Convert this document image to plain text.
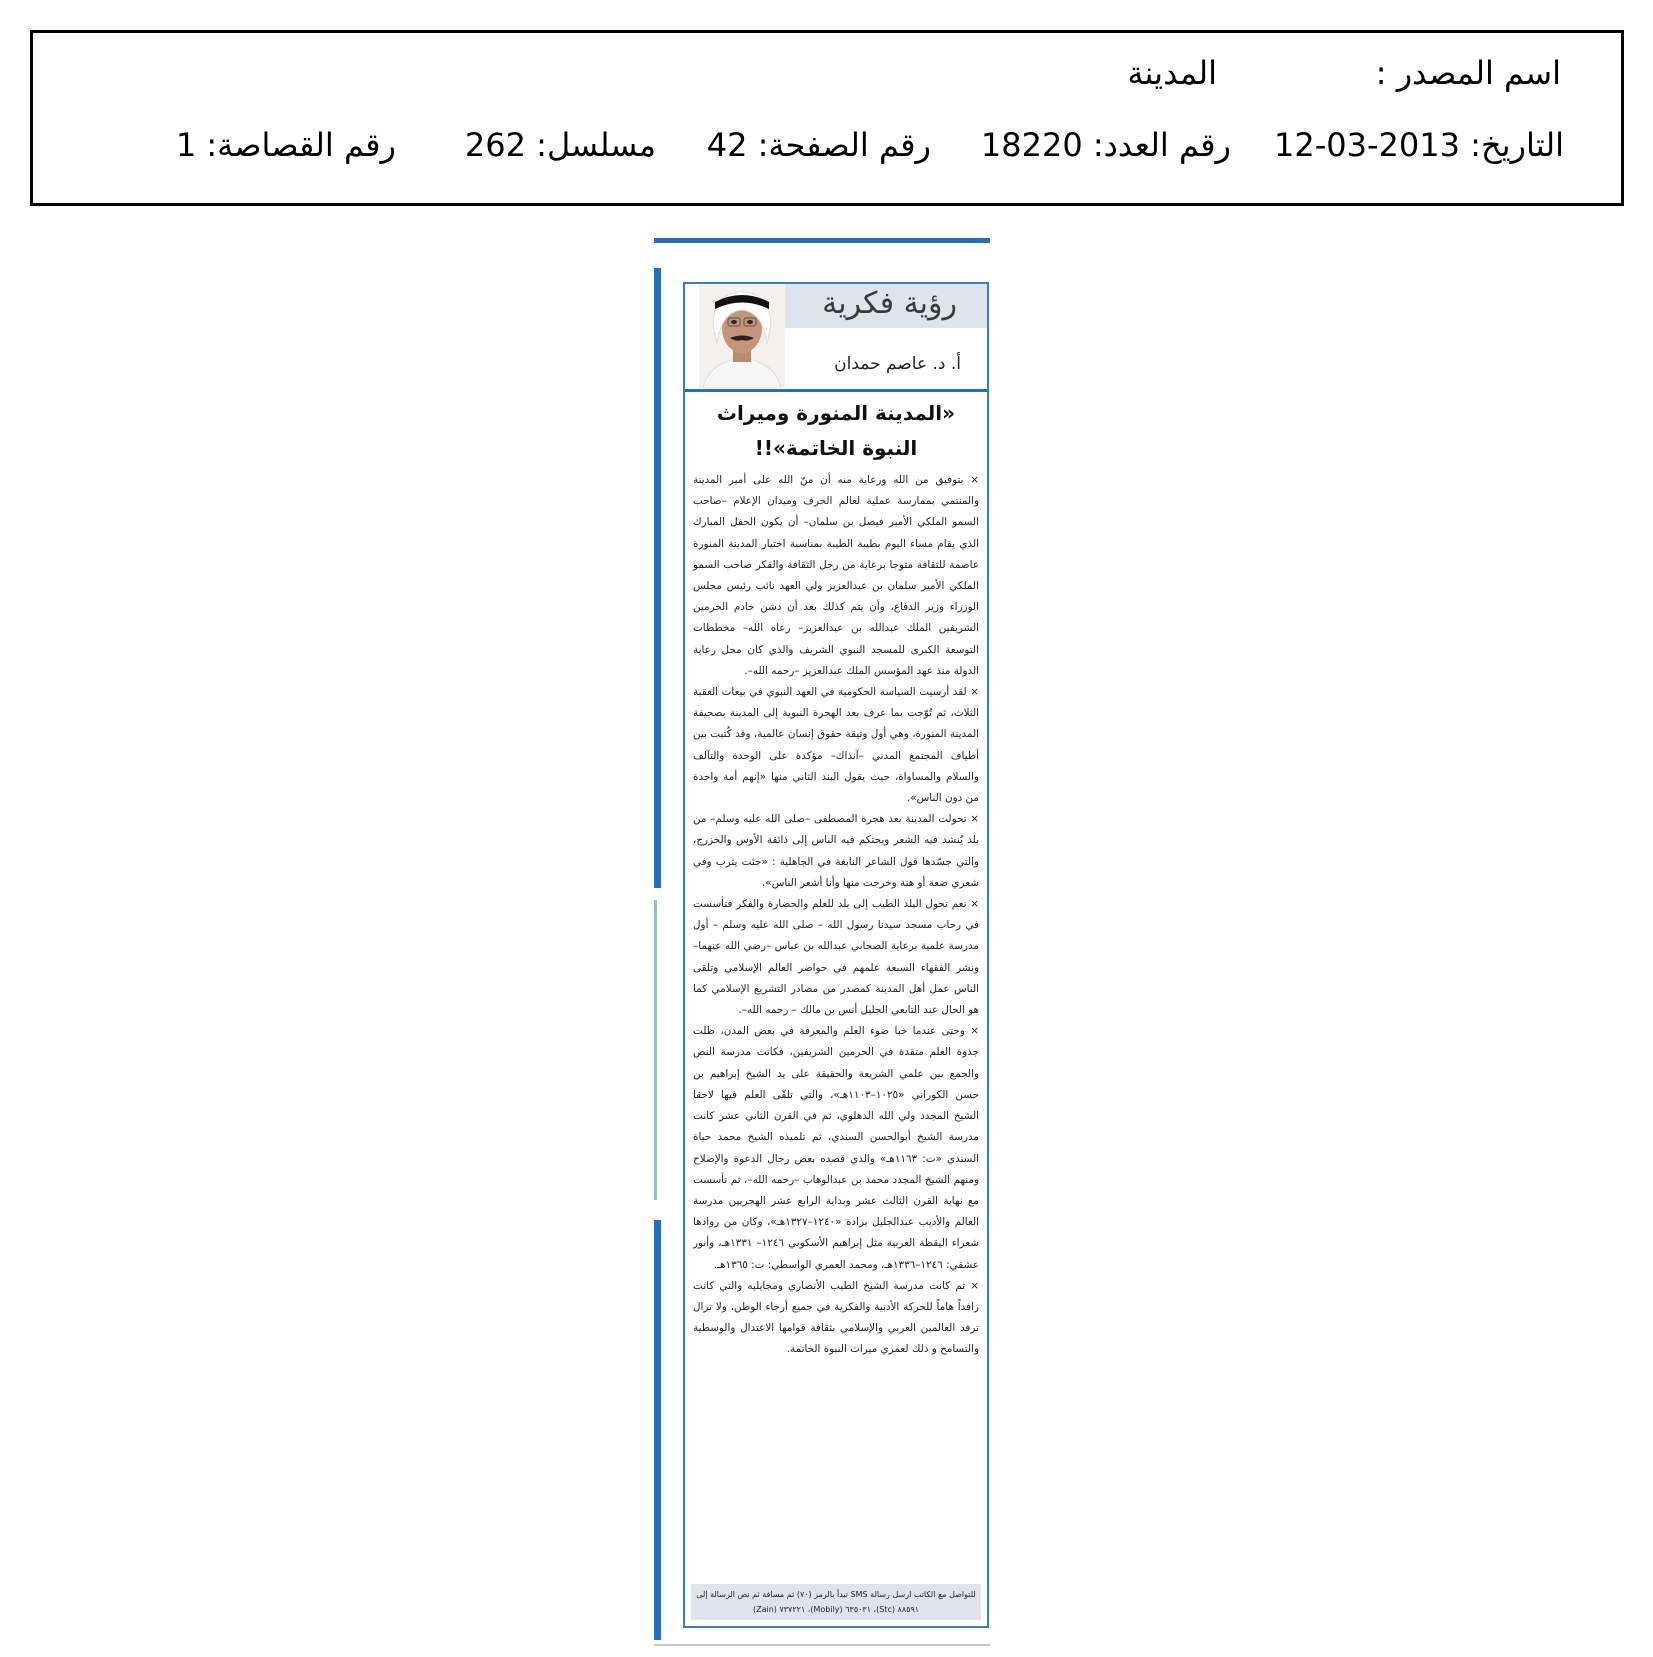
اسم المصدر :
المدينة
التاريخ: 2013-03-12
رقم العدد: 18220
رقم الصفحة: 42
مسلسل: 262
رقم القصاصة: 1
رؤية فكرية
أ. د. عاصم حمدان
«المدينة المنورة وميراث
النبوة الخاتمة»!!

× بتوفيق من الله ورعاية منه أن منّ الله على أمير المدينة والمنتمي بممارسة عملية لعالم الحرف وميدان الإعلام –صاحب السمو الملكي الأمير فيصل بن سلمان– أن يكون الحفل المبارك الذي يقام مساء اليوم بطيبة الطيبة بمناسبة اختيار المدينة المنورة عاصمة للثقافة متوجا برعاية من رجل الثقافة والفكر صاحب السمو الملكي الأمير سلمان بن عبدالعزيز ولي العهد نائب رئيس مجلس الوزراء وزير الدفاع، وأن يتم كذلك بعد أن دشن خادم الحرمين الشريفين الملك عبدالله بن عبدالعزيز– رعاه الله– مخططات التوسعة الكبرى للمسجد النبوي الشريف والذي كان محل رعاية الدولة منذ عهد المؤسس الملك عبدالعزيز –رحمه الله–.

× لقد أرسيت السياسة الحكومية في العهد النبوي في بيعات العقبة الثلاث، ثم تُوّجت بما عرف بعد الهجرة النبوية إلى المدينة بصحيفة المدينة المنورة، وهي أول وثيقة حقوق إنسان عالمية، وقد كُتبت بين أطياف المجتمع المدني –آنذاك– مؤكدة على الوحدة والتآلف والسلام والمساواة، حيث يقول البند الثاني منها «إنهم أمة واحدة من دون الناس».

× تحولت المدينة بعد هجرة المصطفى –صلى الله عليه وسلم– من بلد يُنشد فيه الشعر ويحتكم فيه الناس إلى ذائقة الأوس والخزرج، والتي جسّدها قول الشاعر النابغة في الجاهلية : «جئت يثرب وفي شعري ضعة أو هنة وخرجت منها وأنا أشعر الناس».

× نعم تحول البلد الطيب إلى بلد للعلم والحضارة والفكر فتأسست في رحاب مسجد سيدنا رسول الله – صلى الله عليه وسلم – أول مدرسة علمية برعاية الصحابي عبدالله بن عباس –رضي الله عنهما– ونشر الفقهاء السبعة علمهم في حواضر العالم الإسلامي وتلقى الناس عمل أهل المدينة كمصدر من مصادر التشريع الإسلامي كما هو الحال عند التابعي الجليل أنس بن مالك – رحمه الله–.

× وحتى عندما خبا ضوء العلم والمعرفة في بعض المدن، ظلت جذوة العلم متقدة في الحرمين الشريفين، فكانت مدرسة النص والجمع بين علمي الشريعة والحقيقة على يد الشيخ إبراهيم بن حسن الكوراني «١٠٢٥–١١٠٣هـ»، والتي تلقّى العلم فيها لاحقا الشيخ المجدد ولي الله الدهلوي، ثم في القرن الثاني عشر كانت مدرسة الشيخ أبوالحسن السندي، ثم تلميذه الشيخ محمد حياة السندي «ت: ١١٦٣هـ» والذي قصده بعض رجال الدعوة والإصلاح ومنهم الشيخ المجدد محمد بن عبدالوهاب –رحمه الله–، ثم تأسست مع نهاية القرن الثالث عشر وبداية الرابع عشر الهجريين مدرسة العالم والأديب عبدالجليل برادة «١٢٤٠–١٣٢٧هـ»، وكان من روادها شعراء اليقظة العربية مثل إبراهيم الأسكوبي ١٢٤٦– ١٣٣١هـ، وأنور عشقي: ١٢٤٦–١٣٣٦هـ، ومحمد العمري الواسطي: ت: ١٣٦٥هـ.

× ثم كانت مدرسة الشيخ الطيب الأنصاري ومجايليه والتي كانت رافداً هاماً للحركة الأدبية والفكرية في جميع أرجاء الوطن، ولا تزال ترفد العالمين العربي والإسلامي بثقافة قوامها الاعتدال والوسطية والتسامح و ذلك لعمري ميراث النبوة الخاتمة.

للتواصل مع الكاتب ارسل رسالة SMS تبدأ بالرمز (٧٠) ثم مسافة ثم نص الرسالة إلى
٨٨٥٩١ (Stc)، ٦٣٥٠٣١ (Mobily)، ٧٣٧٢٢١ (Zain)
